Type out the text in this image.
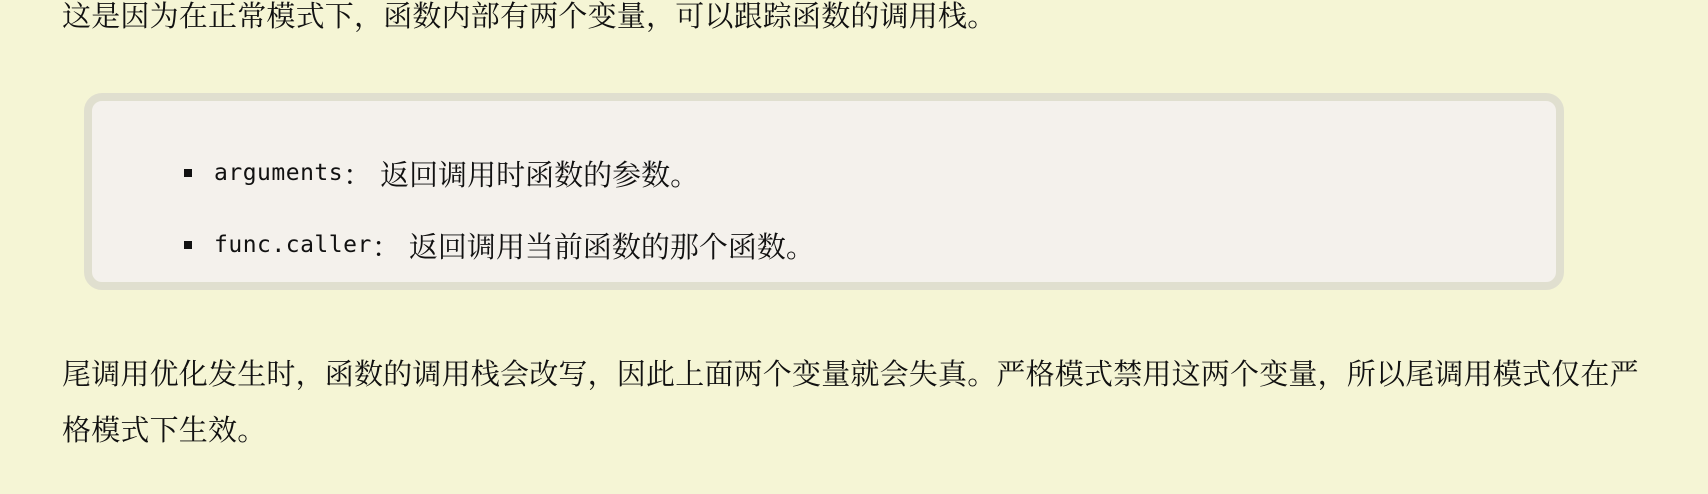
这是因为在正常模式下，函数内部有两个变量，可以跟踪函数的调用栈。

arguments ： 返回调用时函数的参数。
func.caller ： 返回调用当前函数的那个函数。

尾调用优化发生时，函数的调用栈会改写，因此上面两个变量就会失真。严格模式禁用这两个变量，所以尾调用模式仅在严格模式下生效。
